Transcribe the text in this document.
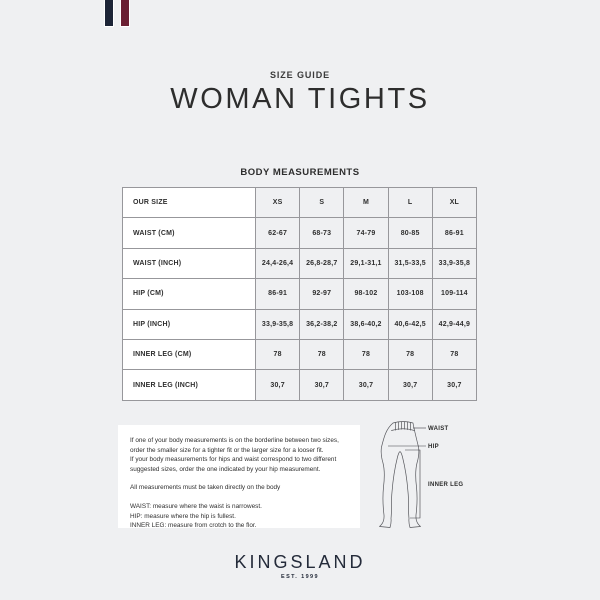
SIZE GUIDE
WOMAN TIGHTS
BODY MEASUREMENTS
OUR SIZE	XS	S	M	L	XL
WAIST (CM)	62-67	68-73	74-79	80-85	86-91
WAIST (INCH)	24,4-26,4	26,8-28,7	29,1-31,1	31,5-33,5	33,9-35,8
HIP (CM)	86-91	92-97	98-102	103-108	109-114
HIP (INCH)	33,9-35,8	36,2-38,2	38,6-40,2	40,6-42,5	42,9-44,9
INNER LEG (CM)	78	78	78	78	78
INNER LEG (INCH)	30,7	30,7	30,7	30,7	30,7

If one of your body measurements is on the borderline between two sizes, order the smaller size for a tighter fit or the larger size for a looser fit.

If your body measurements for hips and waist correspond to two different suggested sizes, order the one indicated by your hip measurement.

All measurements must be taken directly on the body

WAIST: measure where the waist is narrowest.

HIP: measure where the hip is fullest.

INNER LEG: measure from crotch to the flor.

WAIST
HIP
INNER LEG
KINGSLAND
EST. 1999
